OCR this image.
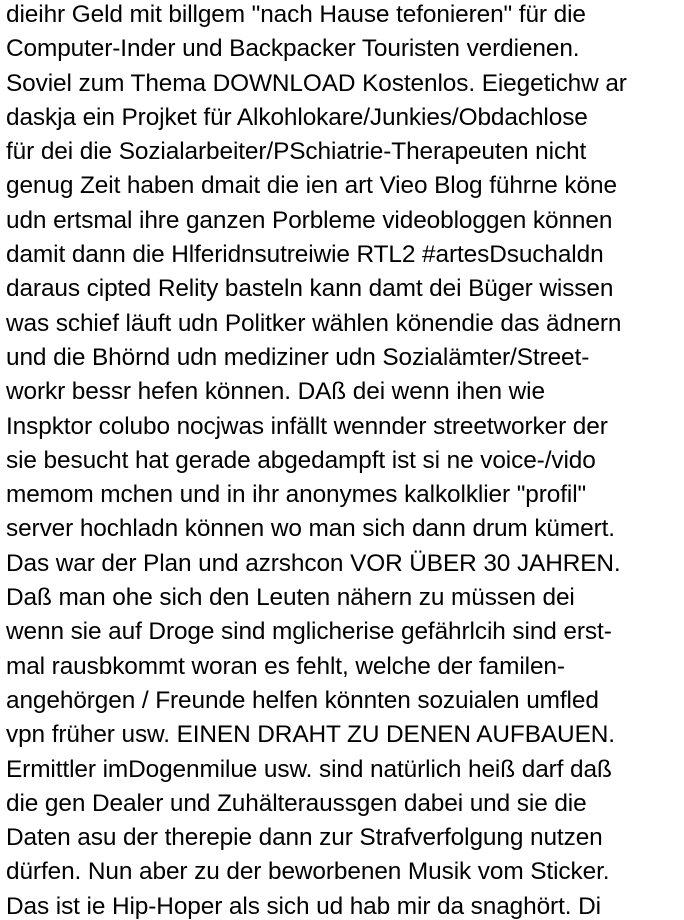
dieihr Geld mit billgem "nach Hause tefonieren" für die
Computer-Inder und Backpacker Touristen verdienen.
Soviel zum Thema DOWNLOAD Kostenlos. Eiegetichw ar
daskja ein Projket für Alkohlokare/Junkies/Obdachlose
für dei die Sozialarbeiter/PSchiatrie-Therapeuten nicht
genug Zeit haben dmait die ien art Vieo Blog führne köne
udn ertsmal ihre ganzen Porbleme videobloggen können
damit dann die Hlferidnsutreiwie RTL2 #artesDsuchaldn
daraus cipted Relity basteln kann damt dei Büger wissen
was schief läuft udn Politker wählen könendie das ädnern
und die Bhörnd udn mediziner udn Sozialämter/Street-
workr bessr hefen können. DAß dei wenn ihen wie
Inspktor colubo nocjwas infällt wennder streetworker der
sie besucht hat gerade abgedampft ist si ne voice-/vido
memom mchen und in ihr anonymes kalkolklier "profil"
server hochladn können wo man sich dann drum kümert.
Das war der Plan und azrshcon VOR ÜBER 30 JAHREN.
Daß man ohe sich den Leuten nähern zu müssen dei
wenn sie auf Droge sind mglicherise gefährlcih sind erst-
mal rausbkommt woran es fehlt, welche der familen-
angehörgen / Freunde helfen könnten sozuialen umfled
vpn früher usw. EINEN DRAHT ZU DENEN AUFBAUEN.
Ermittler imDogenmilue usw. sind natürlich heiß darf daß
die gen Dealer und Zuhälteraussgen dabei und sie die
Daten asu der therepie dann zur Strafverfolgung nutzen
dürfen. Nun aber zu der beworbenen Musik vom Sticker.
Das ist ie Hip-Hoper als sich ud hab mir da snaghört. Di
